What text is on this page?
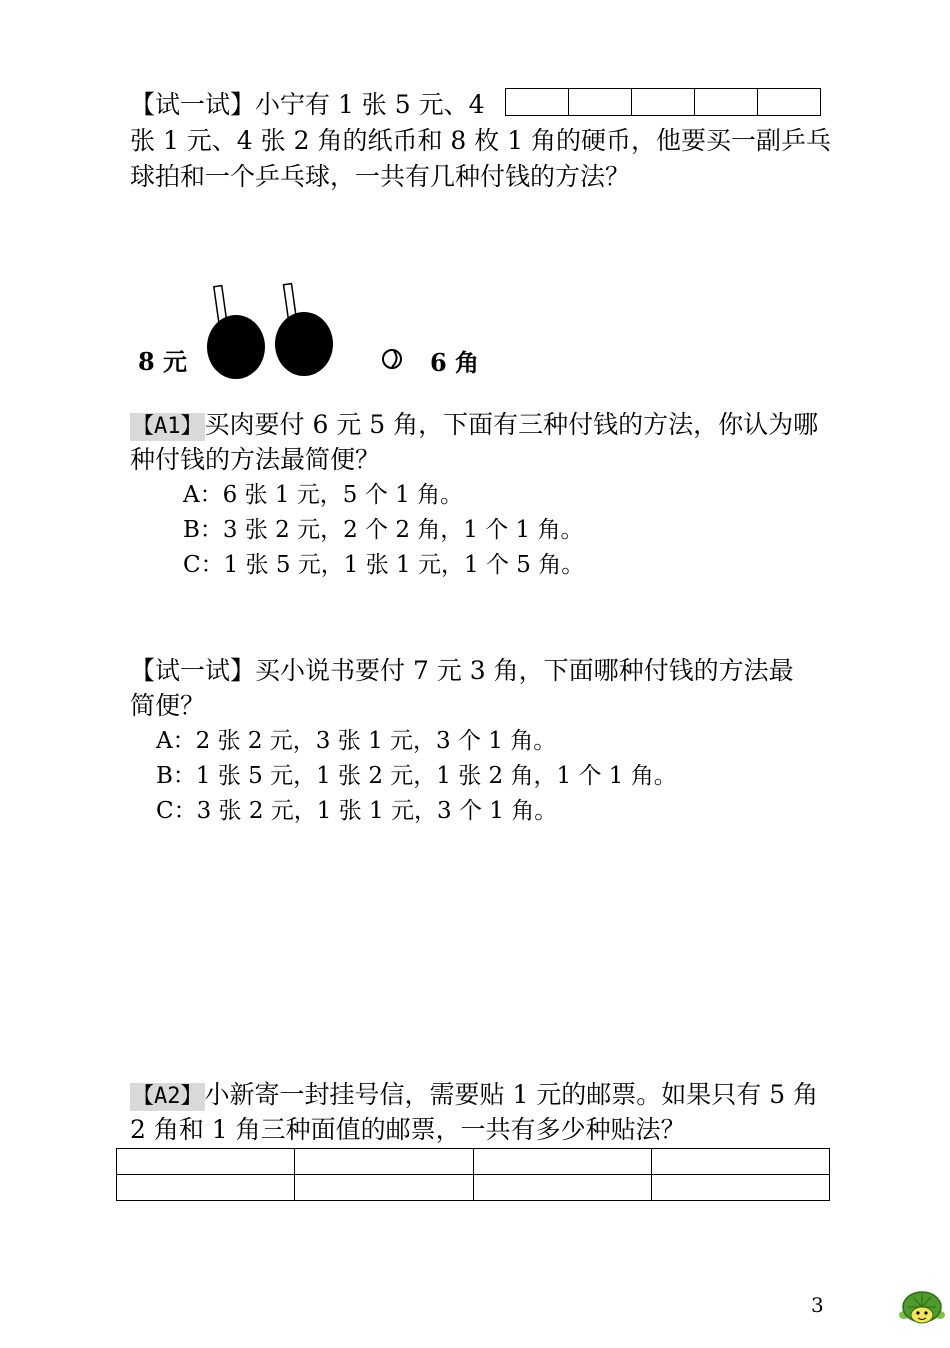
【试一试】小宁有 1 张 5 元、4
张 1 元、4 张 2 角的纸币和 8 枚 1 角的硬币，他要买一副乒乓
球拍和一个乒乓球，一共有几种付钱的方法？
8 元	6 角
【A1】买肉要付 6 元 5 角，下面有三种付钱的方法，你认为哪
种付钱的方法最简便？
A：6 张 1 元，5 个 1 角。
B：3 张 2 元，2 个 2 角，1 个 1 角。
C：1 张 5 元，1 张 1 元，1 个 5 角。
【试一试】买小说书要付 7 元 3 角，下面哪种付钱的方法最
简便？
A：2 张 2 元，3 张 1 元，3 个 1 角。
B：1 张 5 元，1 张 2 元，1 张 2 角，1 个 1 角。
C：3 张 2 元，1 张 1 元，3 个 1 角。
【A2】小新寄一封挂号信，需要贴 1 元的邮票。如果只有 5 角
2 角和 1 角三种面值的邮票，一共有多少种贴法？

3
